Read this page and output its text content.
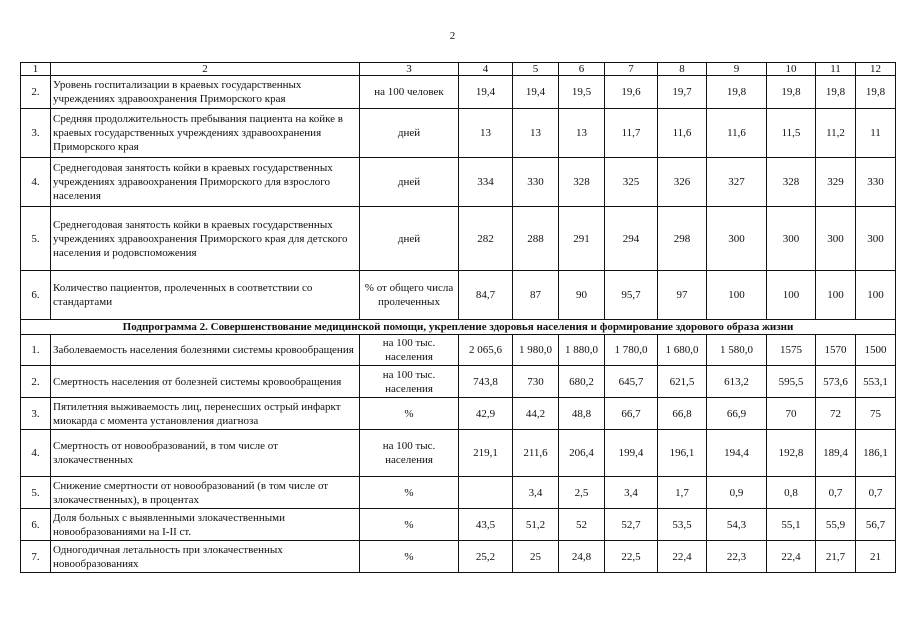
2
1	2	3	4	5	6	7	8	9	10	11	12
2.	Уровень госпитализации в краевых государственных учреждениях здравоохранения Приморского края	на 100 человек	19,4	19,4	19,5	19,6	19,7	19,8	19,8	19,8	19,8
3.	Средняя продолжительность пребывания пациента на койке в краевых государственных учреждениях здравоохранения Приморского края	дней	13	13	13	11,7	11,6	11,6	11,5	11,2	11
4.	Среднегодовая занятость койки в краевых государственных учреждениях здравоохранения Приморского для взрослого населения	дней	334	330	328	325	326	327	328	329	330
5.	Среднегодовая занятость койки в краевых государственных учреждениях здравоохранения Приморского края для детского населения и родовспоможения	дней	282	288	291	294	298	300	300	300	300
6.	Количество пациентов, пролеченных в соответствии со стандартами	% от общего числа пролеченных	84,7	87	90	95,7	97	100	100	100	100
Подпрограмма 2. Совершенствование медицинской помощи, укрепление здоровья населения и формирование здорового образа жизни											
1.	Заболеваемость населения болезнями системы кровообращения	на 100 тыс. населения	2 065,6	1 980,0	1 880,0	1 780,0	1 680,0	1 580,0	1575	1570	1500
2.	Смертность населения от болезней системы кровообращения	на 100 тыс. населения	743,8	730	680,2	645,7	621,5	613,2	595,5	573,6	553,1
3.	Пятилетняя выживаемость лиц, перенесших острый инфаркт миокарда с момента установления диагноза	%	42,9	44,2	48,8	66,7	66,8	66,9	70	72	75
4.	Смертность от новообразований, в том числе от злокачественных	на 100 тыс. населения	219,1	211,6	206,4	199,4	196,1	194,4	192,8	189,4	186,1
5.	Снижение смертности от новообразований (в том числе от злокачественных), в процентах	%		3,4	2,5	3,4	1,7	0,9	0,8	0,7	0,7
6.	Доля больных с выявленными злокачественными новообразованиями на I-II ст.	%	43,5	51,2	52	52,7	53,5	54,3	55,1	55,9	56,7
7.	Одногодичная летальность при злокачественных новообразованиях	%	25,2	25	24,8	22,5	22,4	22,3	22,4	21,7	21
